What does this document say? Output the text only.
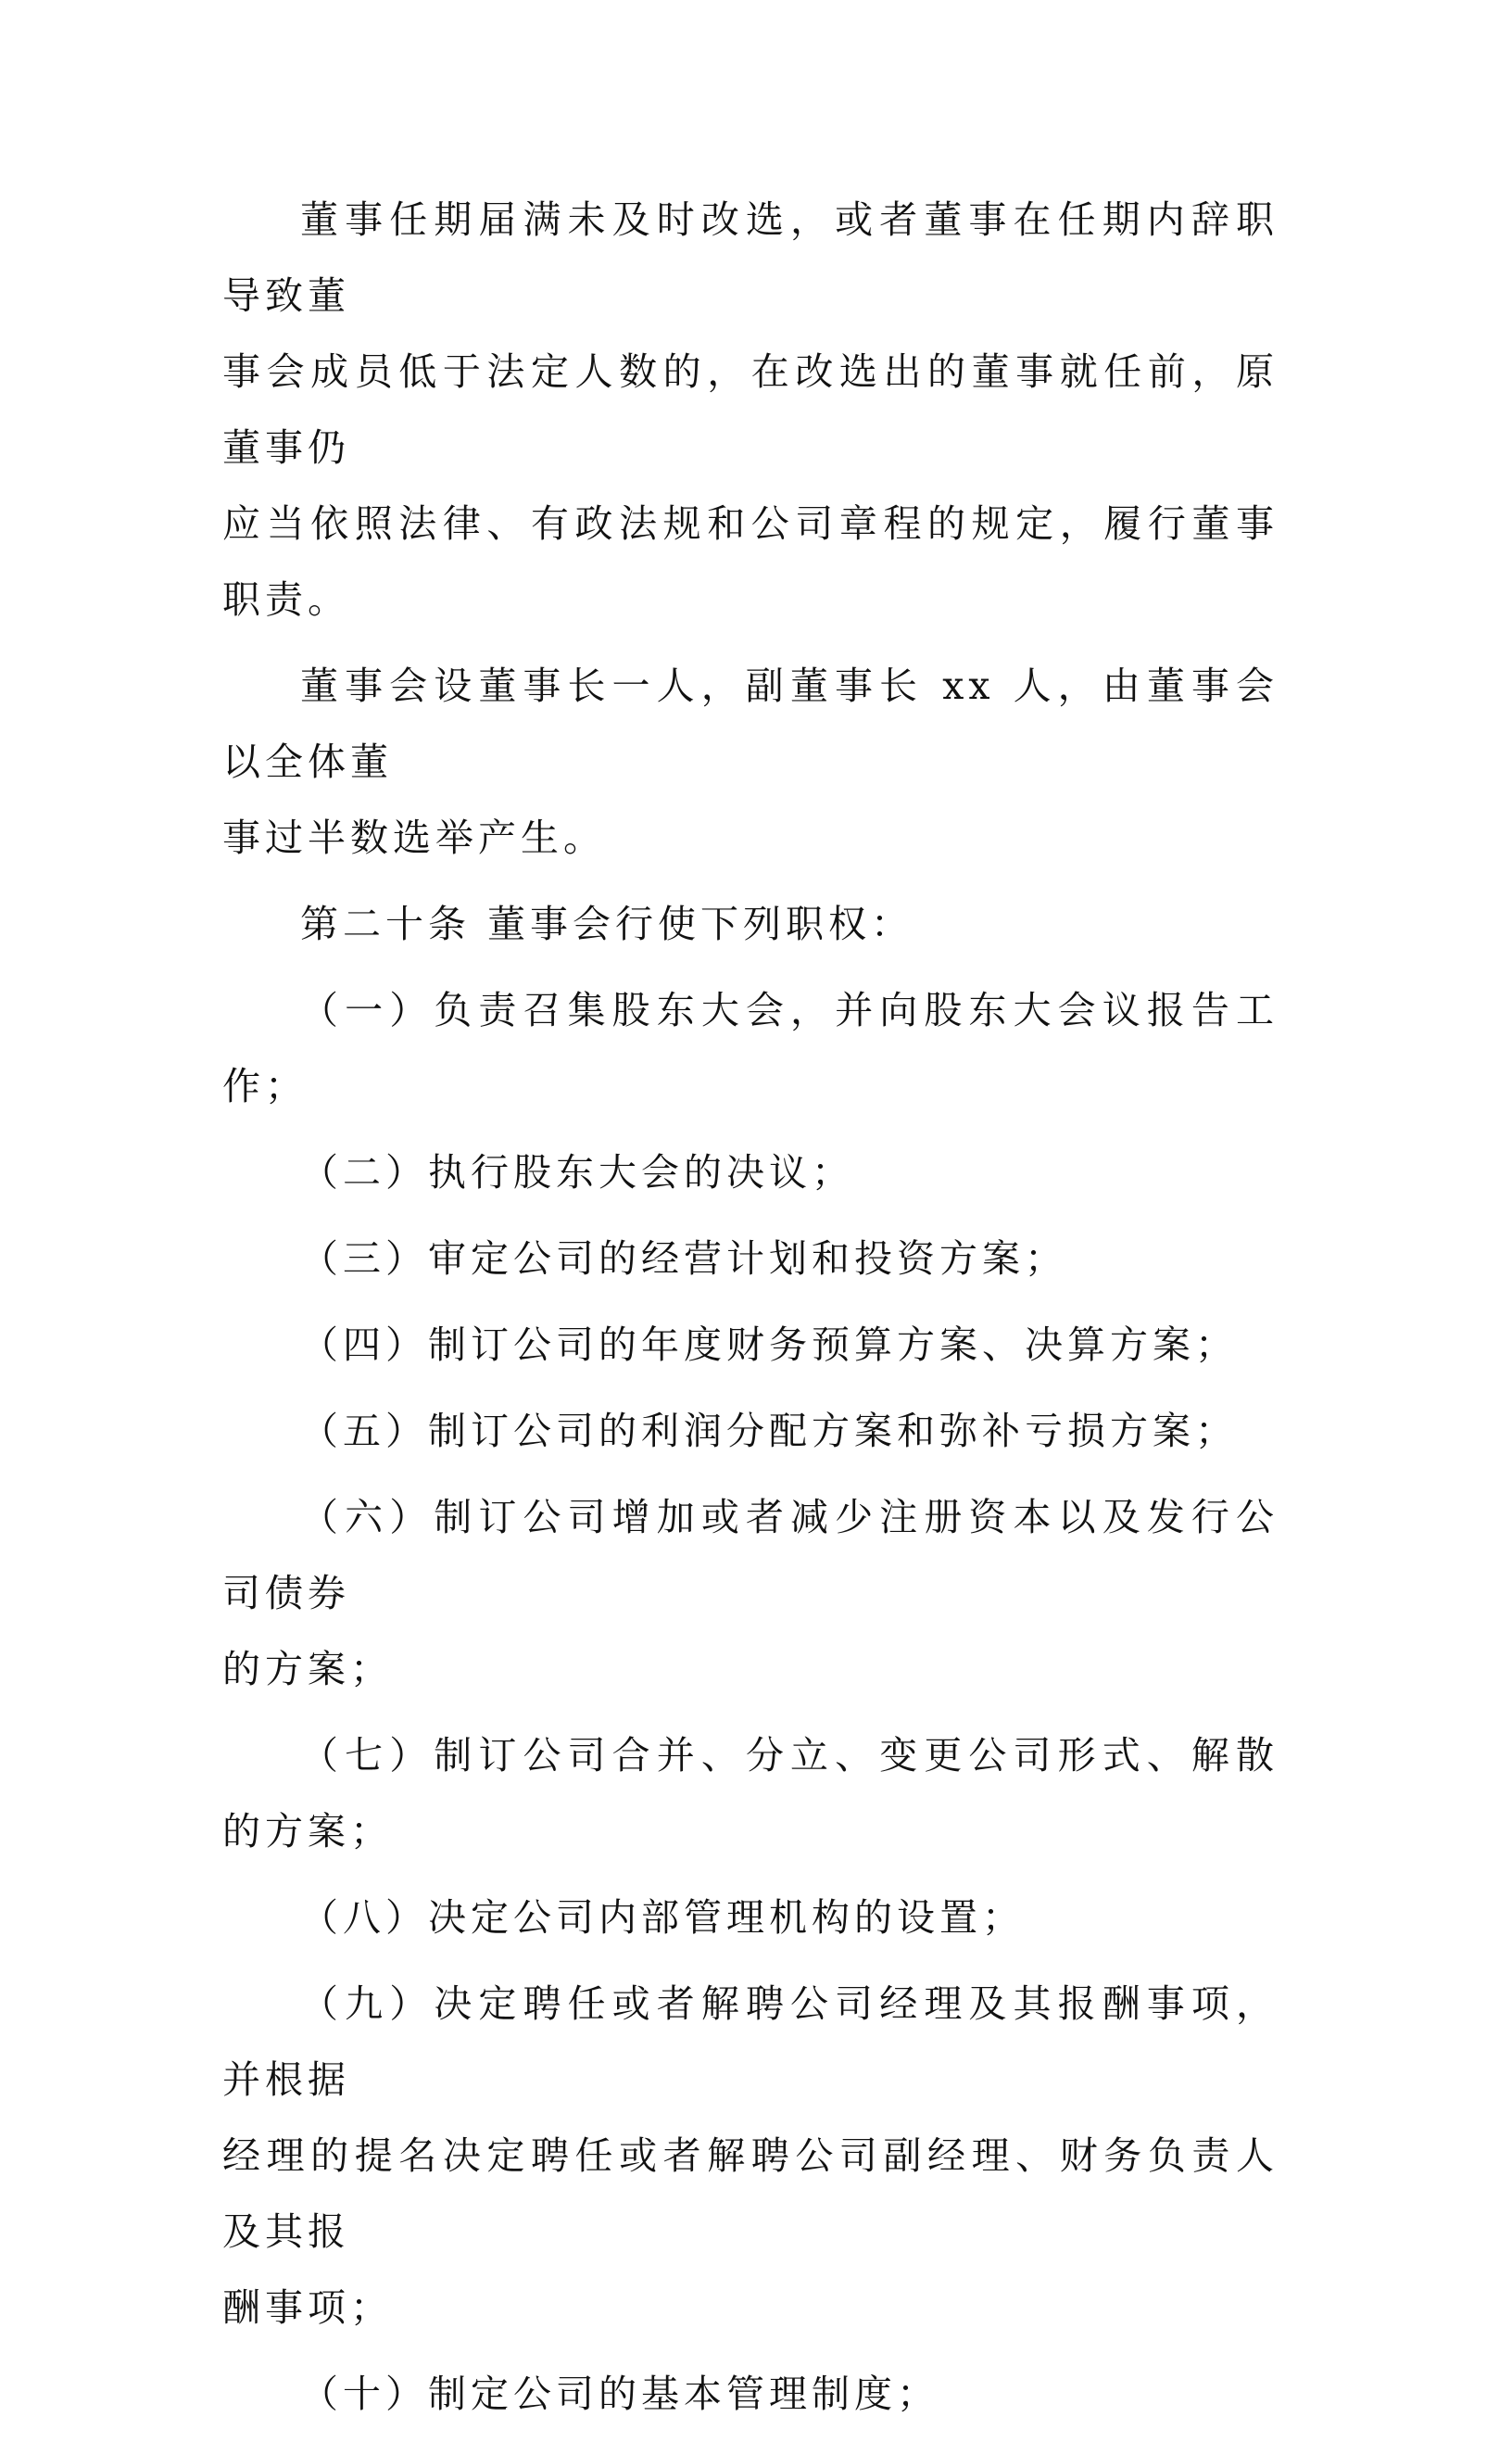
董事任期届满未及时改选，或者董事在任期内辞职导致董
事会成员低于法定人数的，在改选出的董事就任前，原董事仍
应当依照法律、有政法规和公司章程的规定，履行董事职责。
董事会设董事长一人，副董事长 xx 人，由董事会以全体董
事过半数选举产生。
第二十条 董事会行使下列职权：
（一）负责召集股东大会，并向股东大会议报告工作；
（二）执行股东大会的决议；
（三）审定公司的经营计划和投资方案；
（四）制订公司的年度财务预算方案、决算方案；
（五）制订公司的利润分配方案和弥补亏损方案；
（六）制订公司增加或者减少注册资本以及发行公司债券
的方案；
（七）制订公司合并、分立、变更公司形式、解散的方案；
（八）决定公司内部管理机构的设置；
（九）决定聘任或者解聘公司经理及其报酬事项，并根据
经理的提名决定聘任或者解聘公司副经理、财务负责人及其报
酬事项；
（十）制定公司的基本管理制度；
